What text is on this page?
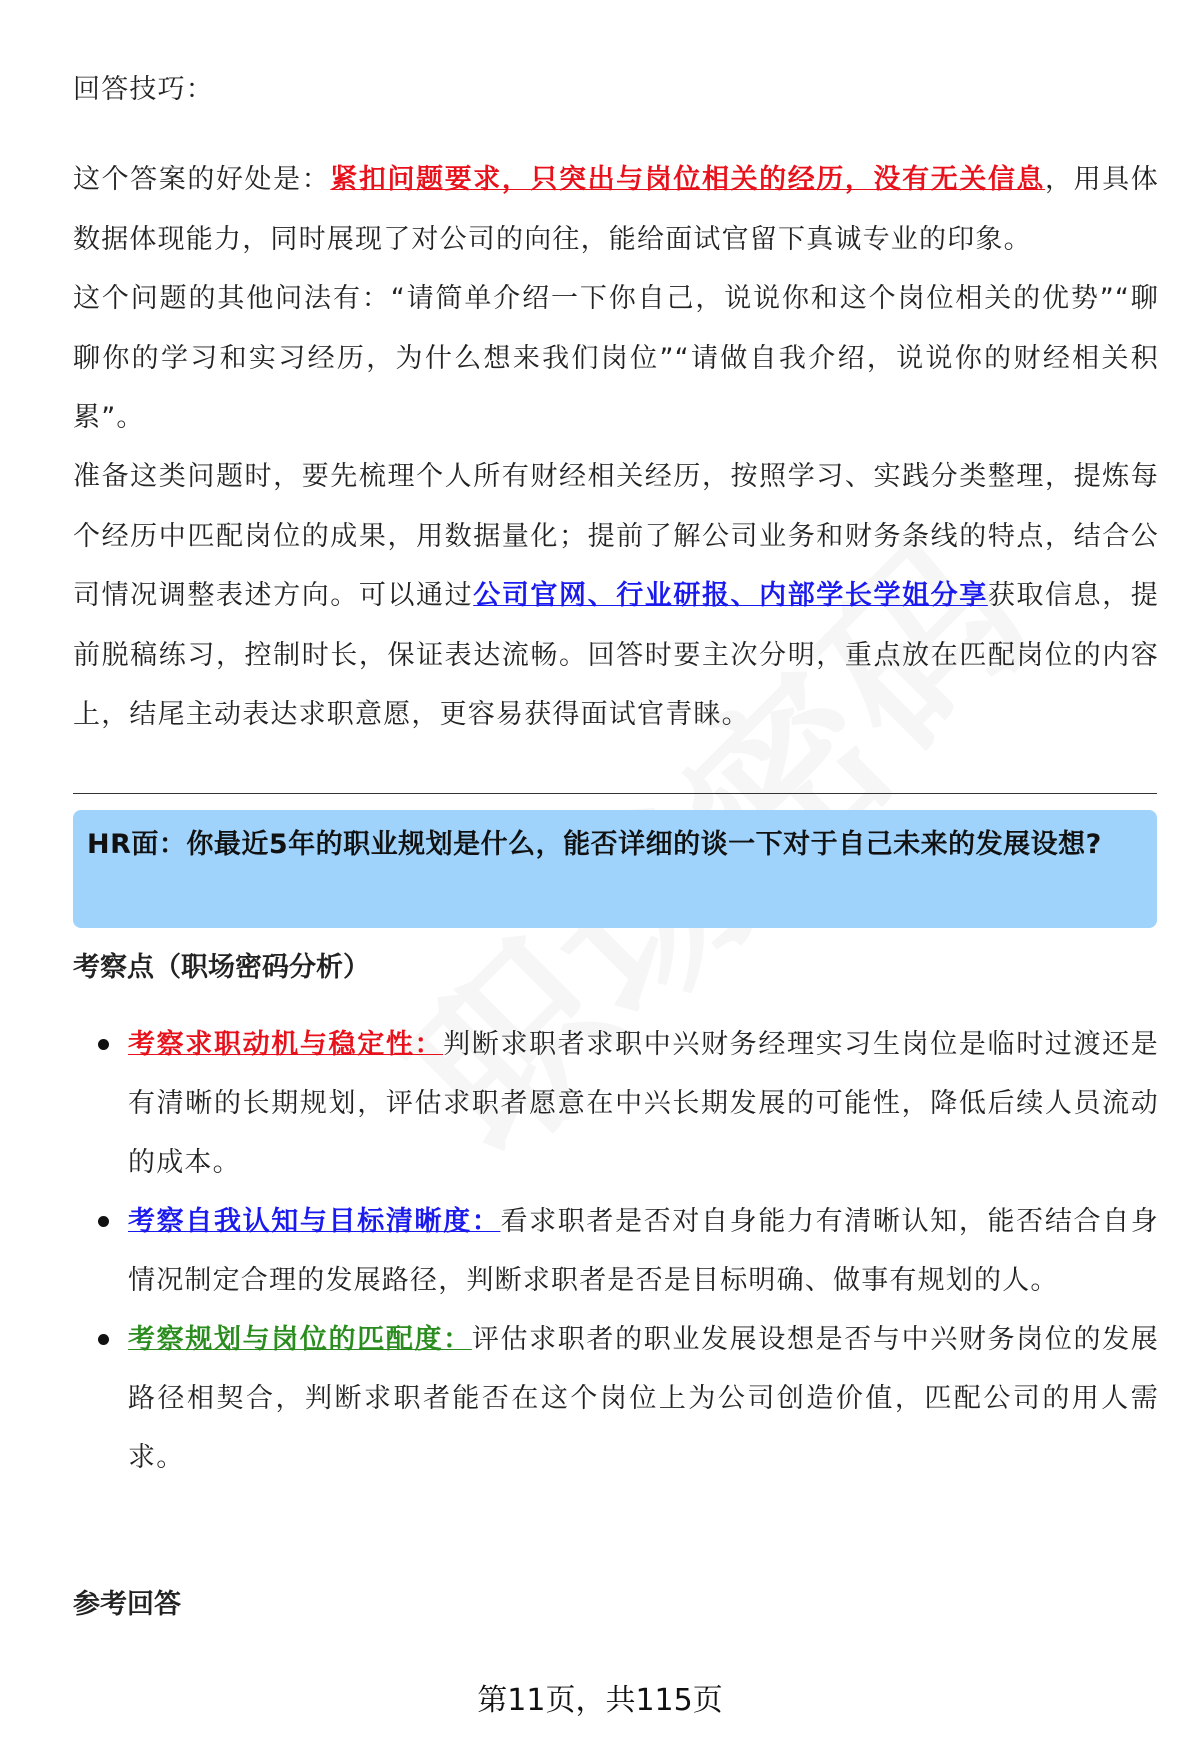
回答技巧：
这个答案的好处是：紧扣问题要求，只突出与岗位相关的经历，没有无关信息，用具体数据体现能力，同时展现了对公司的向往，能给面试官留下真诚专业的印象。
这个问题的其他问法有：“请简单介绍一下你自己，说说你和这个岗位相关的优势”“聊聊你的学习和实习经历，为什么想来我们岗位”“请做自我介绍，说说你的财经相关积累”。
准备这类问题时，要先梳理个人所有财经相关经历，按照学习、实践分类整理，提炼每个经历中匹配岗位的成果，用数据量化；提前了解公司业务和财务条线的特点，结合公司情况调整表述方向。可以通过公司官网、行业研报、内部学长学姐分享获取信息，提前脱稿练习，控制时长，保证表达流畅。回答时要主次分明，重点放在匹配岗位的内容上，结尾主动表达求职意愿，更容易获得面试官青睐。
HR面：你最近5年的职业规划是什么，能否详细的谈一下对于自己未来的发展设想?
考察点（职场密码分析）
考察求职动机与稳定性：判断求职者求职中兴财务经理实习生岗位是临时过渡还是有清晰的长期规划，评估求职者愿意在中兴长期发展的可能性，降低后续人员流动的成本。
考察自我认知与目标清晰度：看求职者是否对自身能力有清晰认知，能否结合自身情况制定合理的发展路径，判断求职者是否是目标明确、做事有规划的人。
考察规划与岗位的匹配度：评估求职者的职业发展设想是否与中兴财务岗位的发展路径相契合，判断求职者能否在这个岗位上为公司创造价值，匹配公司的用人需求。
参考回答
第11页，共115页
